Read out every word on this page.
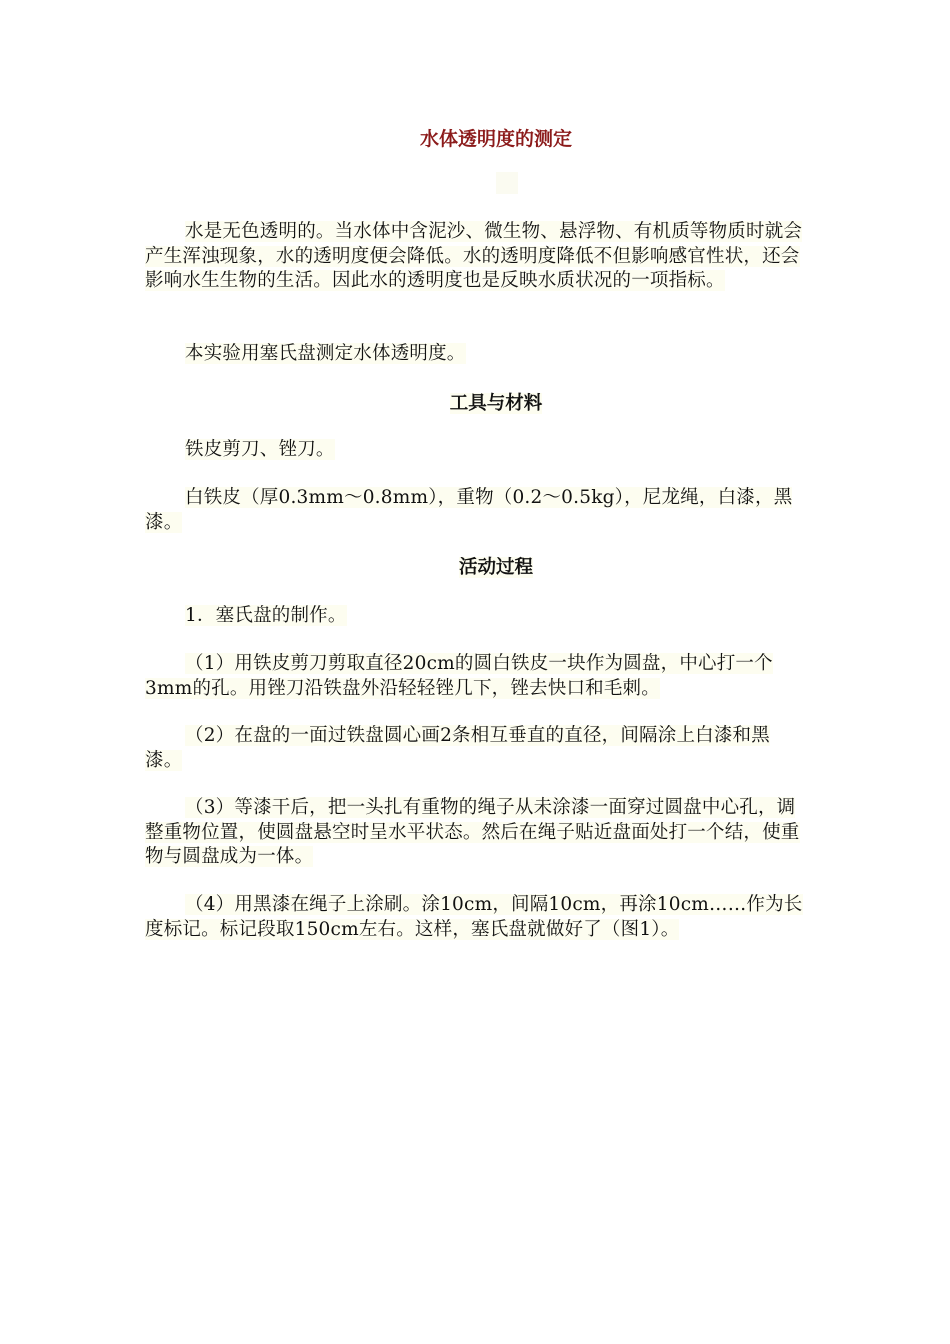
水体透明度的测定

水是无色透明的。当水体中含泥沙、微生物、悬浮物、有机质等物质时就会产生浑浊现象，水的透明度便会降低。水的透明度降低不但影响感官性状，还会影响水生生物的生活。因此水的透明度也是反映水质状况的一项指标。

本实验用塞氏盘测定水体透明度。

工具与材料

铁皮剪刀、锉刀。

白铁皮（厚0.3mm～0.8mm），重物（0.2～0.5kg），尼龙绳，白漆，黑漆。

活动过程

1．塞氏盘的制作。

（1）用铁皮剪刀剪取直径20cm的圆白铁皮一块作为圆盘，中心打一个3mm的孔。用锉刀沿铁盘外沿轻轻锉几下，锉去快口和毛刺。

（2）在盘的一面过铁盘圆心画2条相互垂直的直径，间隔涂上白漆和黑漆。

（3）等漆干后，把一头扎有重物的绳子从未涂漆一面穿过圆盘中心孔，调整重物位置，使圆盘悬空时呈水平状态。然后在绳子贴近盘面处打一个结，使重物与圆盘成为一体。

（4）用黑漆在绳子上涂刷。涂10cm，间隔10cm，再涂10cm……作为长度标记。标记段取150cm左右。这样，塞氏盘就做好了（图1）。
